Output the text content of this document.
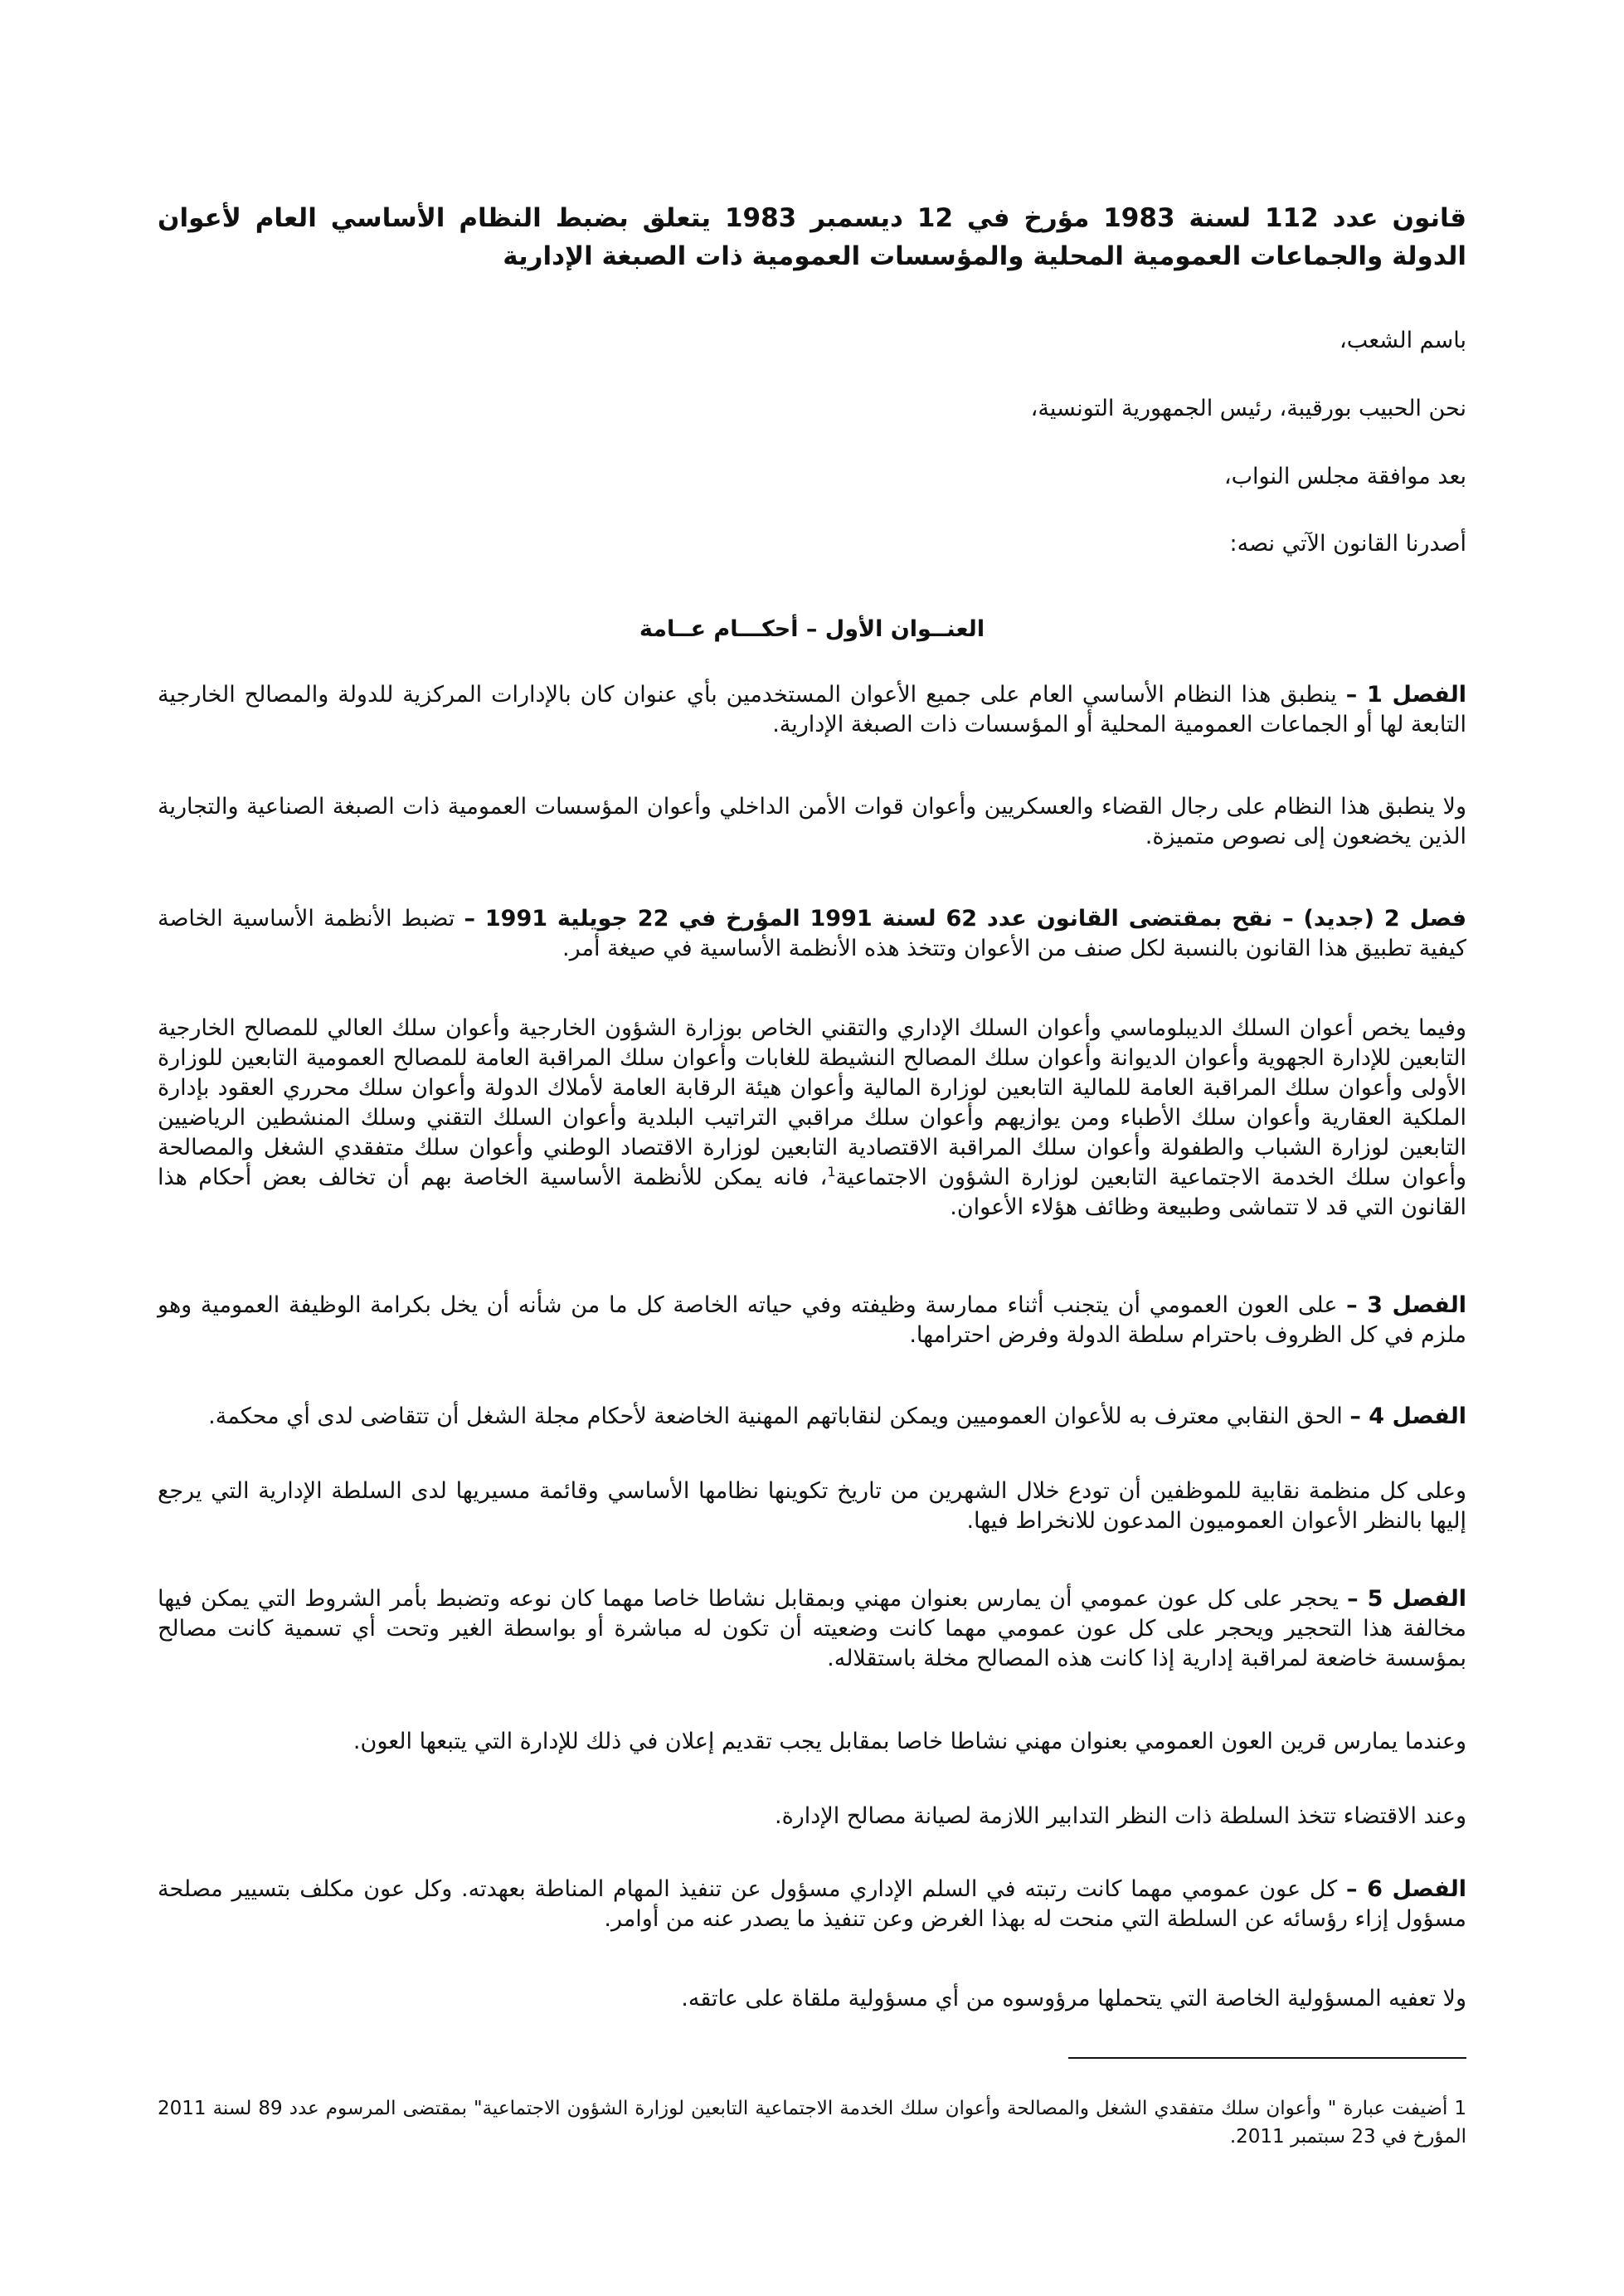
قانون عدد 112 لسنة 1983 مؤرخ في 12 ديسمبر 1983 يتعلق بضبط النظام الأساسي العام لأعوان الدولة والجماعات العمومية المحلية والمؤسسات العمومية ذات الصبغة الإدارية

باسم الشعب،

نحن الحبيب بورقيبة، رئيس الجمهورية التونسية،

بعد موافقة مجلس النواب،

أصدرنا القانون الآتي نصه:

العنــوان الأول – أحكـــام عــامة

الفصل 1 – ينطبق هذا النظام الأساسي العام على جميع الأعوان المستخدمين بأي عنوان كان بالإدارات المركزية للدولة والمصالح الخارجية التابعة لها أو الجماعات العمومية المحلية أو المؤسسات ذات الصبغة الإدارية.

ولا ينطبق هذا النظام على رجال القضاء والعسكريين وأعوان قوات الأمن الداخلي وأعوان المؤسسات العمومية ذات الصبغة الصناعية والتجارية الذين يخضعون إلى نصوص متميزة.

فصل 2 (جديد) – نقح بمقتضى القانون عدد 62 لسنة 1991 المؤرخ في 22 جويلية 1991 – تضبط الأنظمة الأساسية الخاصة كيفية تطبيق هذا القانون بالنسبة لكل صنف من الأعوان وتتخذ هذه الأنظمة الأساسية في صيغة أمر.

وفيما يخص أعوان السلك الديبلوماسي وأعوان السلك الإداري والتقني الخاص بوزارة الشؤون الخارجية وأعوان سلك العالي للمصالح الخارجية التابعين للإدارة الجهوية وأعوان الديوانة وأعوان سلك المصالح النشيطة للغابات وأعوان سلك المراقبة العامة للمصالح العمومية التابعين للوزارة الأولى وأعوان سلك المراقبة العامة للمالية التابعين لوزارة المالية وأعوان هيئة الرقابة العامة لأملاك الدولة وأعوان سلك محرري العقود بإدارة الملكية العقارية وأعوان سلك الأطباء ومن يوازيهم وأعوان سلك مراقبي التراتيب البلدية وأعوان السلك التقني وسلك المنشطين الرياضيين التابعين لوزارة الشباب والطفولة وأعوان سلك المراقبة الاقتصادية التابعين لوزارة الاقتصاد الوطني وأعوان سلك متفقدي الشغل والمصالحة وأعوان سلك الخدمة الاجتماعية التابعين لوزارة الشؤون الاجتماعية$^1$، فانه يمكن للأنظمة الأساسية الخاصة بهم أن تخالف بعض أحكام هذا القانون التي قد لا تتماشى وطبيعة وظائف هؤلاء الأعوان.

الفصل 3 – على العون العمومي أن يتجنب أثناء ممارسة وظيفته وفي حياته الخاصة كل ما من شأنه أن يخل بكرامة الوظيفة العمومية وهو ملزم في كل الظروف باحترام سلطة الدولة وفرض احترامها.

الفصل 4 – الحق النقابي معترف به للأعوان العموميين ويمكن لنقاباتهم المهنية الخاضعة لأحكام مجلة الشغل أن تتقاضى لدى أي محكمة.

وعلى كل منظمة نقابية للموظفين أن تودع خلال الشهرين من تاريخ تكوينها نظامها الأساسي وقائمة مسيريها لدى السلطة الإدارية التي يرجع إليها بالنظر الأعوان العموميون المدعون للانخراط فيها.

الفصل 5 – يحجر على كل عون عمومي أن يمارس بعنوان مهني وبمقابل نشاطا خاصا مهما كان نوعه وتضبط بأمر الشروط التي يمكن فيها مخالفة هذا التحجير ويحجر على كل عون عمومي مهما كانت وضعيته أن تكون له مباشرة أو بواسطة الغير وتحت أي تسمية كانت مصالح بمؤسسة خاضعة لمراقبة إدارية إذا كانت هذه المصالح مخلة باستقلاله.

وعندما يمارس قرين العون العمومي بعنوان مهني نشاطا خاصا بمقابل يجب تقديم إعلان في ذلك للإدارة التي يتبعها العون.

وعند الاقتضاء تتخذ السلطة ذات النظر التدابير اللازمة لصيانة مصالح الإدارة.

الفصل 6 – كل عون عمومي مهما كانت رتبته في السلم الإداري مسؤول عن تنفيذ المهام المناطة بعهدته. وكل عون مكلف بتسيير مصلحة مسؤول إزاء رؤسائه عن السلطة التي منحت له بهذا الغرض وعن تنفيذ ما يصدر عنه من أوامر.

ولا تعفيه المسؤولية الخاصة التي يتحملها مرؤوسوه من أي مسؤولية ملقاة على عاتقه.

1أضيفت عبارة " وأعوان سلك متفقدي الشغل والمصالحة وأعوان سلك الخدمة الاجتماعية التابعين لوزارة الشؤون الاجتماعية" بمقتضى المرسوم عدد 89 لسنة 2011 المؤرخ في 23 سبتمبر 2011.
